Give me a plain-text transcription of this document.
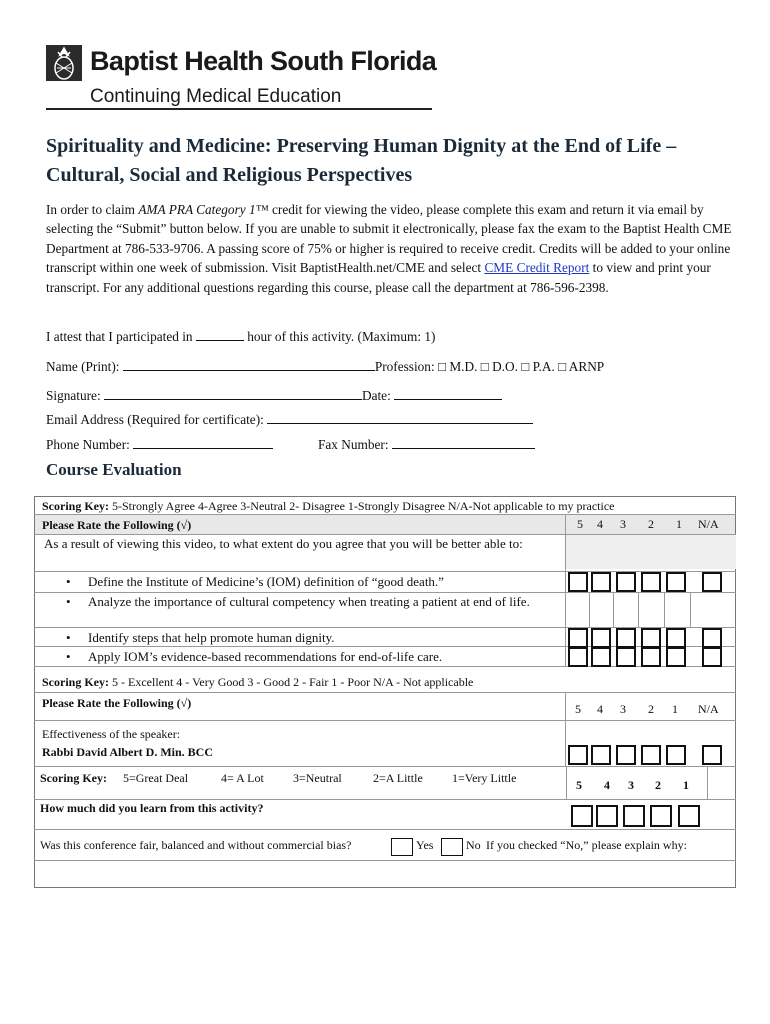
Baptist Health South Florida
Continuing Medical Education
Spirituality and Medicine: Preserving Human Dignity at the End of Life –
Cultural, Social and Religious Perspectives
In order to claim AMA PRA Category 1™ credit for viewing the video, please complete this exam and return it via email by selecting the “Submit” button below. If you are unable to submit it electronically, please fax the exam to the Baptist Health CME Department at 786-533-9706. A passing score of 75% or higher is required to receive credit. Credits will be added to your online transcript within one week of submission. Visit BaptistHealth.net/CME and select CME Credit Report to view and print your transcript. For any additional questions regarding this course, please call the department at 786-596-2398.
I attest that I participated in	hour of this activity. (Maximum: 1)
Name (Print):	Profession: □ M.D. □ D.O. □ P.A. □ ARNP
Signature:	Date:
Email Address (Required for certificate):
Phone Number:	Fax Number:
Course Evaluation
Scoring Key: 5-Strongly Agree 4-Agree 3-Neutral 2- Disagree 1-Strongly Disagree N/A-Not applicable to my practice
Please Rate the Following (√)	5 4 3 2 1 N/A
As a result of viewing this video, to what extent do you agree that you will be better able to:
• Define the Institute of Medicine’s (IOM) definition of “good death.”
• Analyze the importance of cultural competency when treating a patient at end of life.
• Identify steps that help promote human dignity.
• Apply IOM’s evidence-based recommendations for end-of-life care.
Scoring Key: 5 - Excellent 4 - Very Good 3 - Good 2 - Fair 1 - Poor N/A - Not applicable
Please Rate the Following (√)	5 4 3 2 1 N/A
Effectiveness of the speaker:
Rabbi David Albert D. Min. BCC
Scoring Key: 5=Great Deal	4= A Lot 3=Neutral	2=A Little 1=Very Little	5 4 3 2 1
How much did you learn from this activity?
Was this conference fair, balanced and without commercial bias?	Yes	No If you checked “No,” please explain why:
